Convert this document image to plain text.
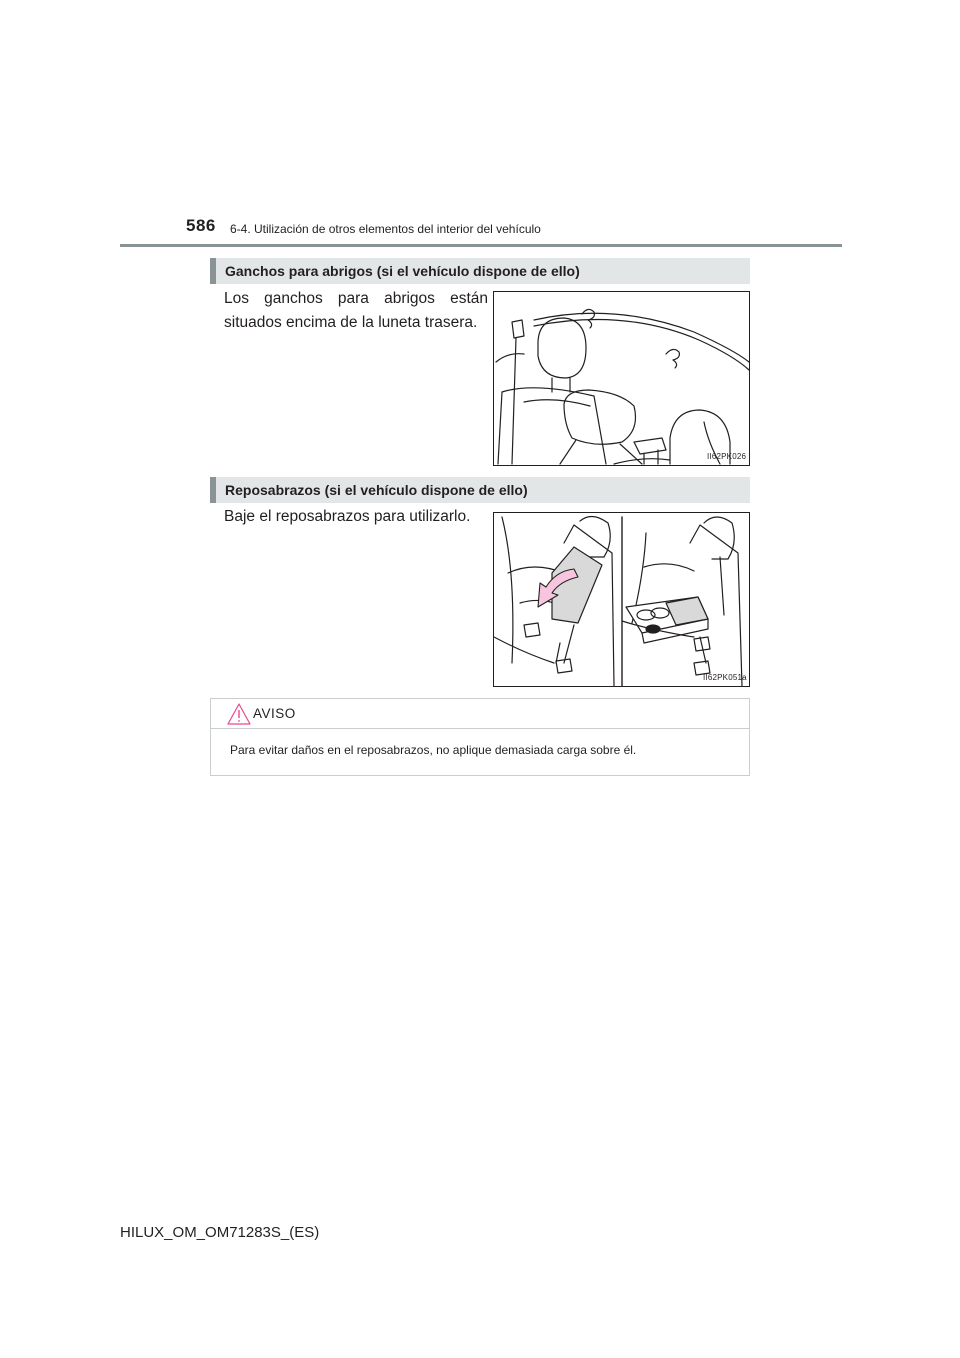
586 6-4. Utilización de otros elementos del interior del vehículo
Ganchos para abrigos (si el vehículo dispone de ello)
Los ganchos para abrigos están
situados encima de la luneta trasera.
II62PK026
Reposabrazos (si el vehículo dispone de ello)
Baje el reposabrazos para utilizarlo.
II62PK051a
AVISO
Para evitar daños en el reposabrazos, no aplique demasiada carga sobre él.
HILUX_OM_OM71283S_(ES)
